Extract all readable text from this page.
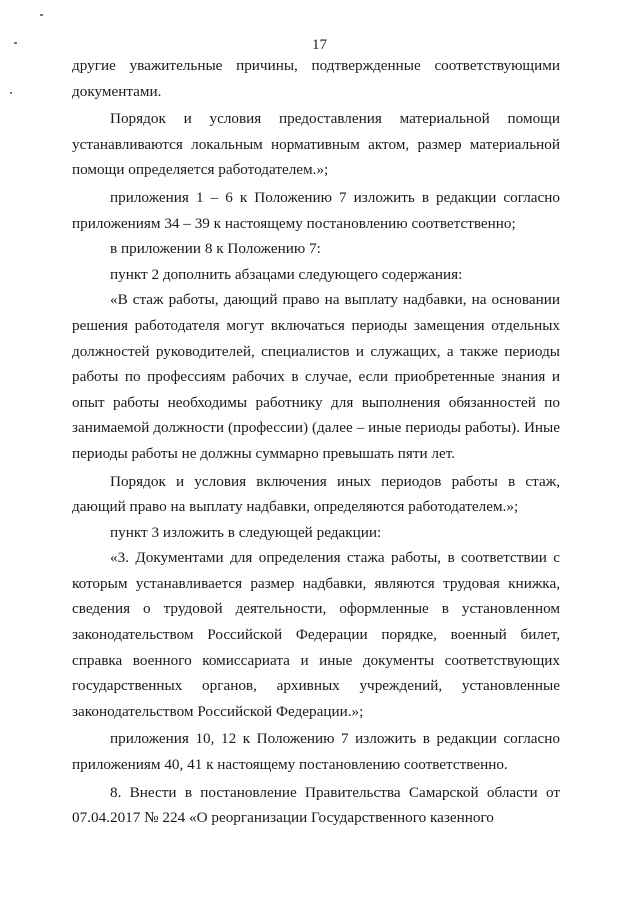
17

другие уважительные причины, подтвержденные соответствующими документами.

Порядок и условия предоставления материальной помощи устанавливаются локальным нормативным актом, размер материальной помощи определяется работодателем.»;

приложения 1 – 6 к Положению 7 изложить в редакции согласно приложениям 34 – 39 к настоящему постановлению соответственно;

в приложении 8 к Положению 7:

пункт 2 дополнить абзацами следующего содержания:

«В стаж работы, дающий право на выплату надбавки, на основании решения работодателя могут включаться периоды замещения отдельных должностей руководителей, специалистов и служащих, а также периоды работы по профессиям рабочих в случае, если приобретенные знания и опыт работы необходимы работнику для выполнения обязанностей по занимаемой должности (профессии) (далее – иные периоды работы). Иные периоды работы не должны суммарно превышать пяти лет.

Порядок и условия включения иных периодов работы в стаж, дающий право на выплату надбавки, определяются работодателем.»;

пункт 3 изложить в следующей редакции:

«3. Документами для определения стажа работы, в соответствии с которым устанавливается размер надбавки, являются трудовая книжка, сведения о трудовой деятельности, оформленные в установленном законодательством Российской Федерации порядке, военный билет, справка военного комиссариата и иные документы соответствующих государственных органов, архивных учреждений, установленные законодательством Российской Федерации.»;

приложения 10, 12 к Положению 7 изложить в редакции согласно приложениям 40, 41 к настоящему постановлению соответственно.

8. Внести в постановление Правительства Самарской области от 07.04.2017 № 224 «О реорганизации Государственного казенного
